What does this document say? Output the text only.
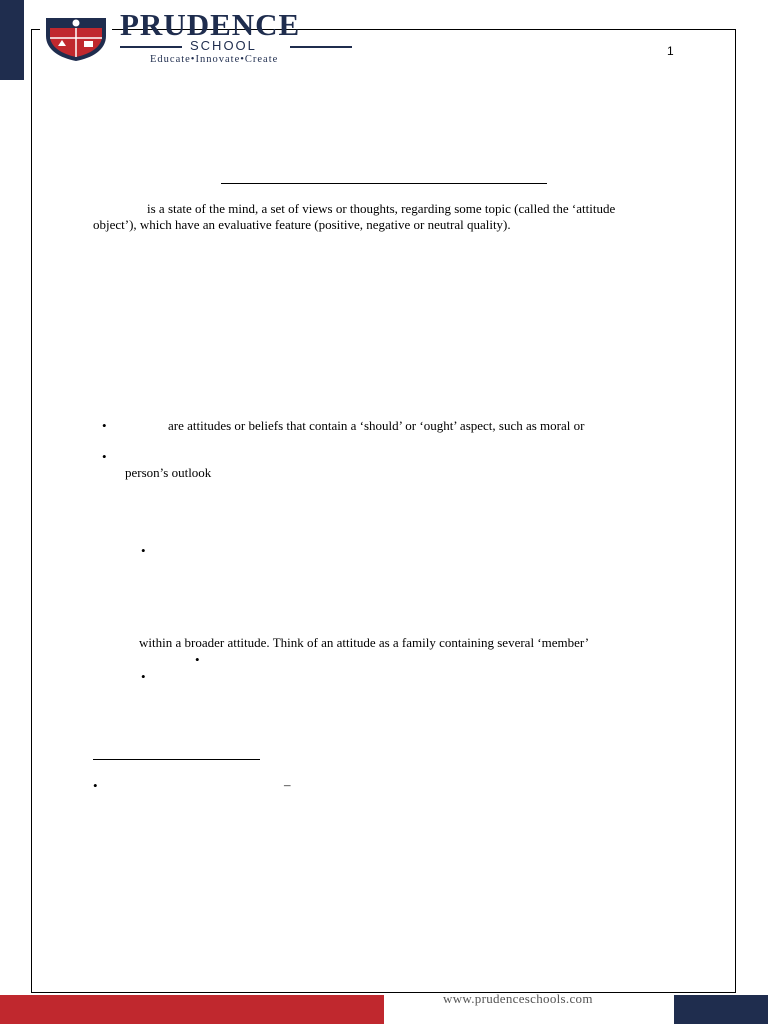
PRUDENCE
SCHOOL
Educate•Innovate•Create
1
is a state of the mind, a set of views or thoughts, regarding some topic (called the ‘attitude
object’), which have an evaluative feature (positive, negative or neutral quality).
•	are attitudes or beliefs that contain a ‘should’ or ‘ought’ aspect, such as moral or
•
person’s outlook
•
within a broader attitude. Think of an attitude as a family containing several ‘member’
•
•
•	–
www.prudenceschools.com
